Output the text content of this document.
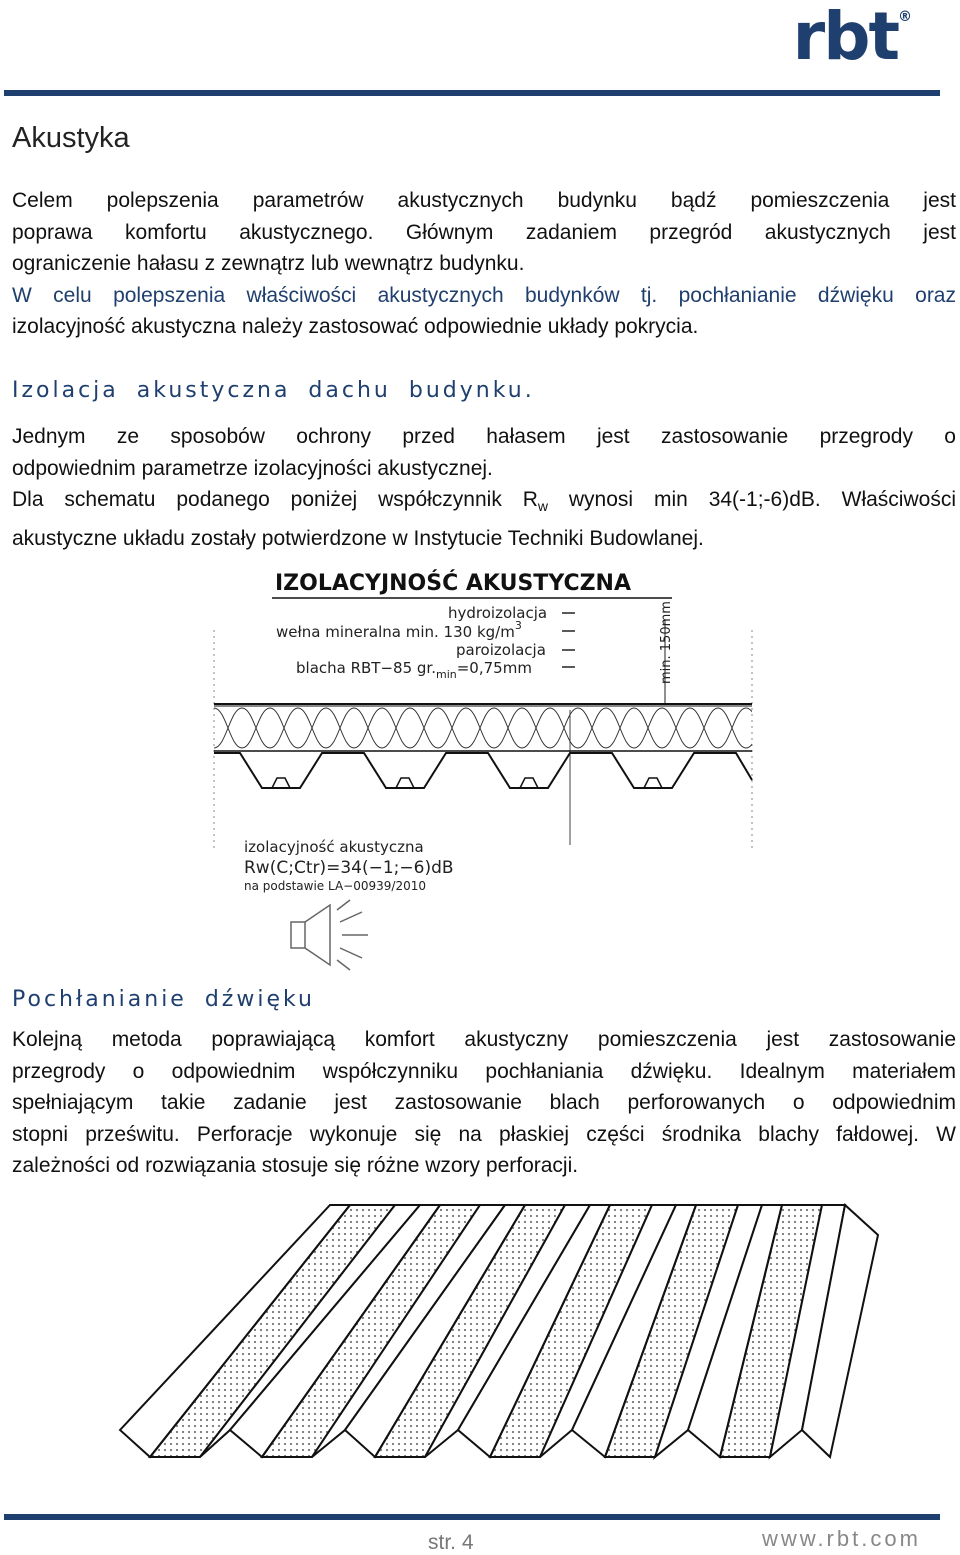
rbt ®
Akustyka
Celem polepszenia parametrów akustycznych budynku bądź pomieszczenia jest
poprawa komfortu akustycznego. Głównym zadaniem przegród akustycznych jest
ograniczenie hałasu z zewnątrz lub wewnątrz budynku.
W celu polepszenia właściwości akustycznych budynków tj. pochłanianie dźwięku oraz
izolacyjność akustyczna należy zastosować odpowiednie układy pokrycia.
Izolacja akustyczna dachu budynku.
Jednym ze sposobów ochrony przed hałasem jest zastosowanie przegrody o
odpowiednim parametrze izolacyjności akustycznej.
Dla schematu podanego poniżej współczynnik $R_w$ wynosi min 34(-1;-6)dB. Właściwości
akustyczne układu zostały potwierdzone w Instytucie Techniki Budowlanej.
IZOLACYJNOŚĆ AKUSTYCZNA
hydroizolacja
wełna mineralna min. 130 $kg/m^3$
paroizolacja
blacha RBT−85 $gr._{min}=0,75mm$	min. 150mm
izolacyjność akustyczna
Rw(C;Ctr)=34(−1;−6)dB
na podstawie LA−00939/2010
Pochłanianie dźwięku
Kolejną metoda poprawiającą komfort akustyczny pomieszczenia jest zastosowanie
przegrody o odpowiednim współczynniku pochłaniania dźwięku. Idealnym materiałem
spełniającym takie zadanie jest zastosowanie blach perforowanych o odpowiednim
stopni prześwitu. Perforacje wykonuje się na płaskiej części środnika blachy fałdowej. W
zależności od rozwiązania stosuje się różne wzory perforacji.
str. 4	www.rbt.com
